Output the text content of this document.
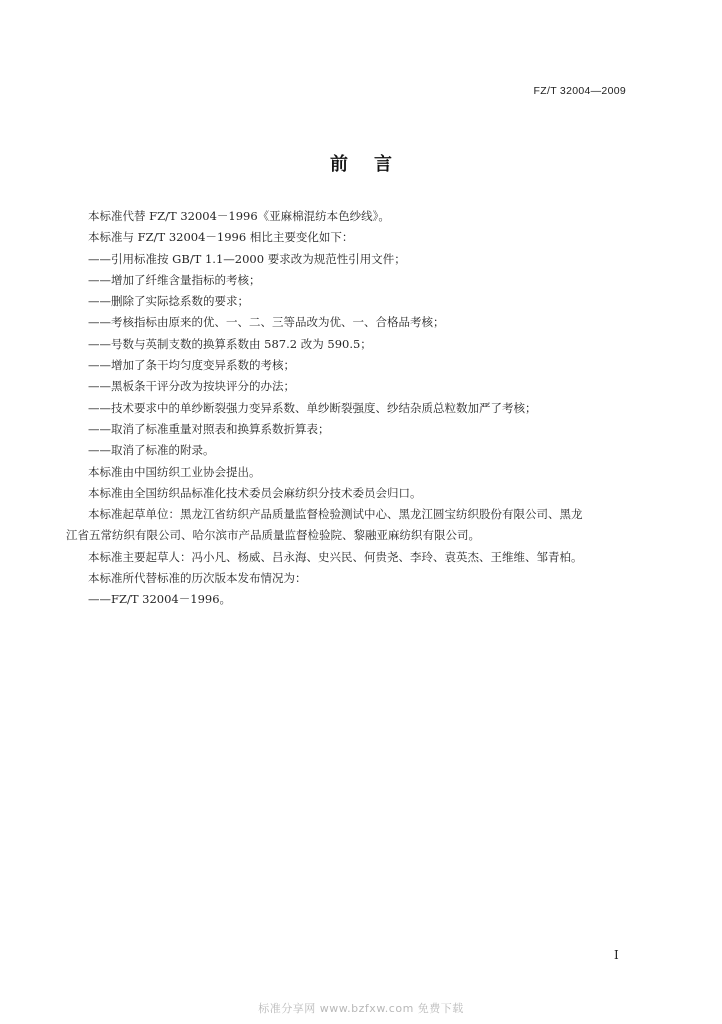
FZ/T 32004—2009
前言
本标准代替 FZ/T 32004－1996《亚麻棉混纺本色纱线》。
本标准与 FZ/T 32004－1996 相比主要变化如下：
——引用标准按 GB/T 1.1—2000 要求改为规范性引用文件；
——增加了纤维含量指标的考核；
——删除了实际捻系数的要求；
——考核指标由原来的优、一、二、三等品改为优、一、合格品考核；
——号数与英制支数的换算系数由 587.2 改为 590.5；
——增加了条干均匀度变异系数的考核；
——黑板条干评分改为按块评分的办法；
——技术要求中的单纱断裂强力变异系数、单纱断裂强度、纱结杂质总粒数加严了考核；
——取消了标准重量对照表和换算系数折算表；
——取消了标准的附录。
本标准由中国纺织工业协会提出。
本标准由全国纺织品标准化技术委员会麻纺织分技术委员会归口。
本标准起草单位：黑龙江省纺织产品质量监督检验测试中心、黑龙江圆宝纺织股份有限公司、黑龙
江省五常纺织有限公司、哈尔滨市产品质量监督检验院、黎融亚麻纺织有限公司。
本标准主要起草人：冯小凡、杨威、吕永海、史兴民、何贵尧、李玲、袁英杰、王维维、邹青柏。
本标准所代替标准的历次版本发布情况为：
——FZ/T 32004－1996。
I
标准分享网 www.bzfxw.com 免费下载
